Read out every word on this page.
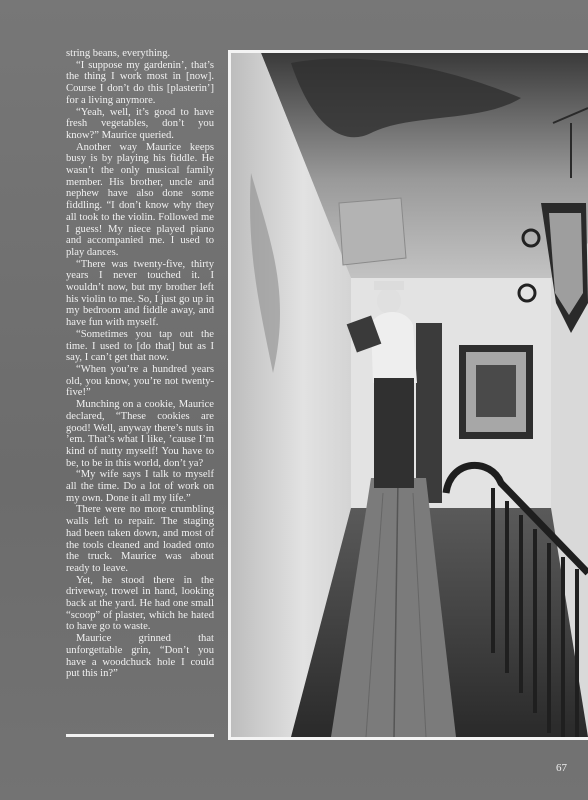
string beans, everything.

“I suppose my gardenin’, that’s the thing I work most in [now]. Course I don’t do this [plasterin’] for a living anymore.

“Yeah, well, it’s good to have fresh vegetables, don’t you know?” Maurice queried.

Another way Maurice keeps busy is by playing his fiddle. He wasn’t the only musical family member. His brother, uncle and nephew have also done some fiddling. “I don’t know why they all took to the violin. Followed me I guess! My niece played piano and accompanied me. I used to play dances.

“There was twenty-five, thirty years I never touched it. I wouldn’t now, but my brother left his violin to me. So, I just go up in my bedroom and fiddle away, and have fun with myself.

“Sometimes you tap out the time. I used to [do that] but as I say, I can’t get that now.

“When you’re a hundred years old, you know, you’re not twenty-five!”

Munching on a cookie, Maurice declared, “These cookies are good! Well, anyway there’s nuts in ’em. That’s what I like, ’cause I’m kind of nutty myself! You have to be, to be in this world, don’t ya?

“My wife says I talk to myself all the time. Do a lot of work on my own. Done it all my life.”

There were no more crumbling walls left to repair. The staging had been taken down, and most of the tools cleaned and loaded onto the truck. Maurice was about ready to leave.

Yet, he stood there in the driveway, trowel in hand, looking back at the yard. He had one small “scoop” of plaster, which he hated to have go to waste.

Maurice grinned that unforgettable grin, “Don’t you have a woodchuck hole I could put this in?”

67
